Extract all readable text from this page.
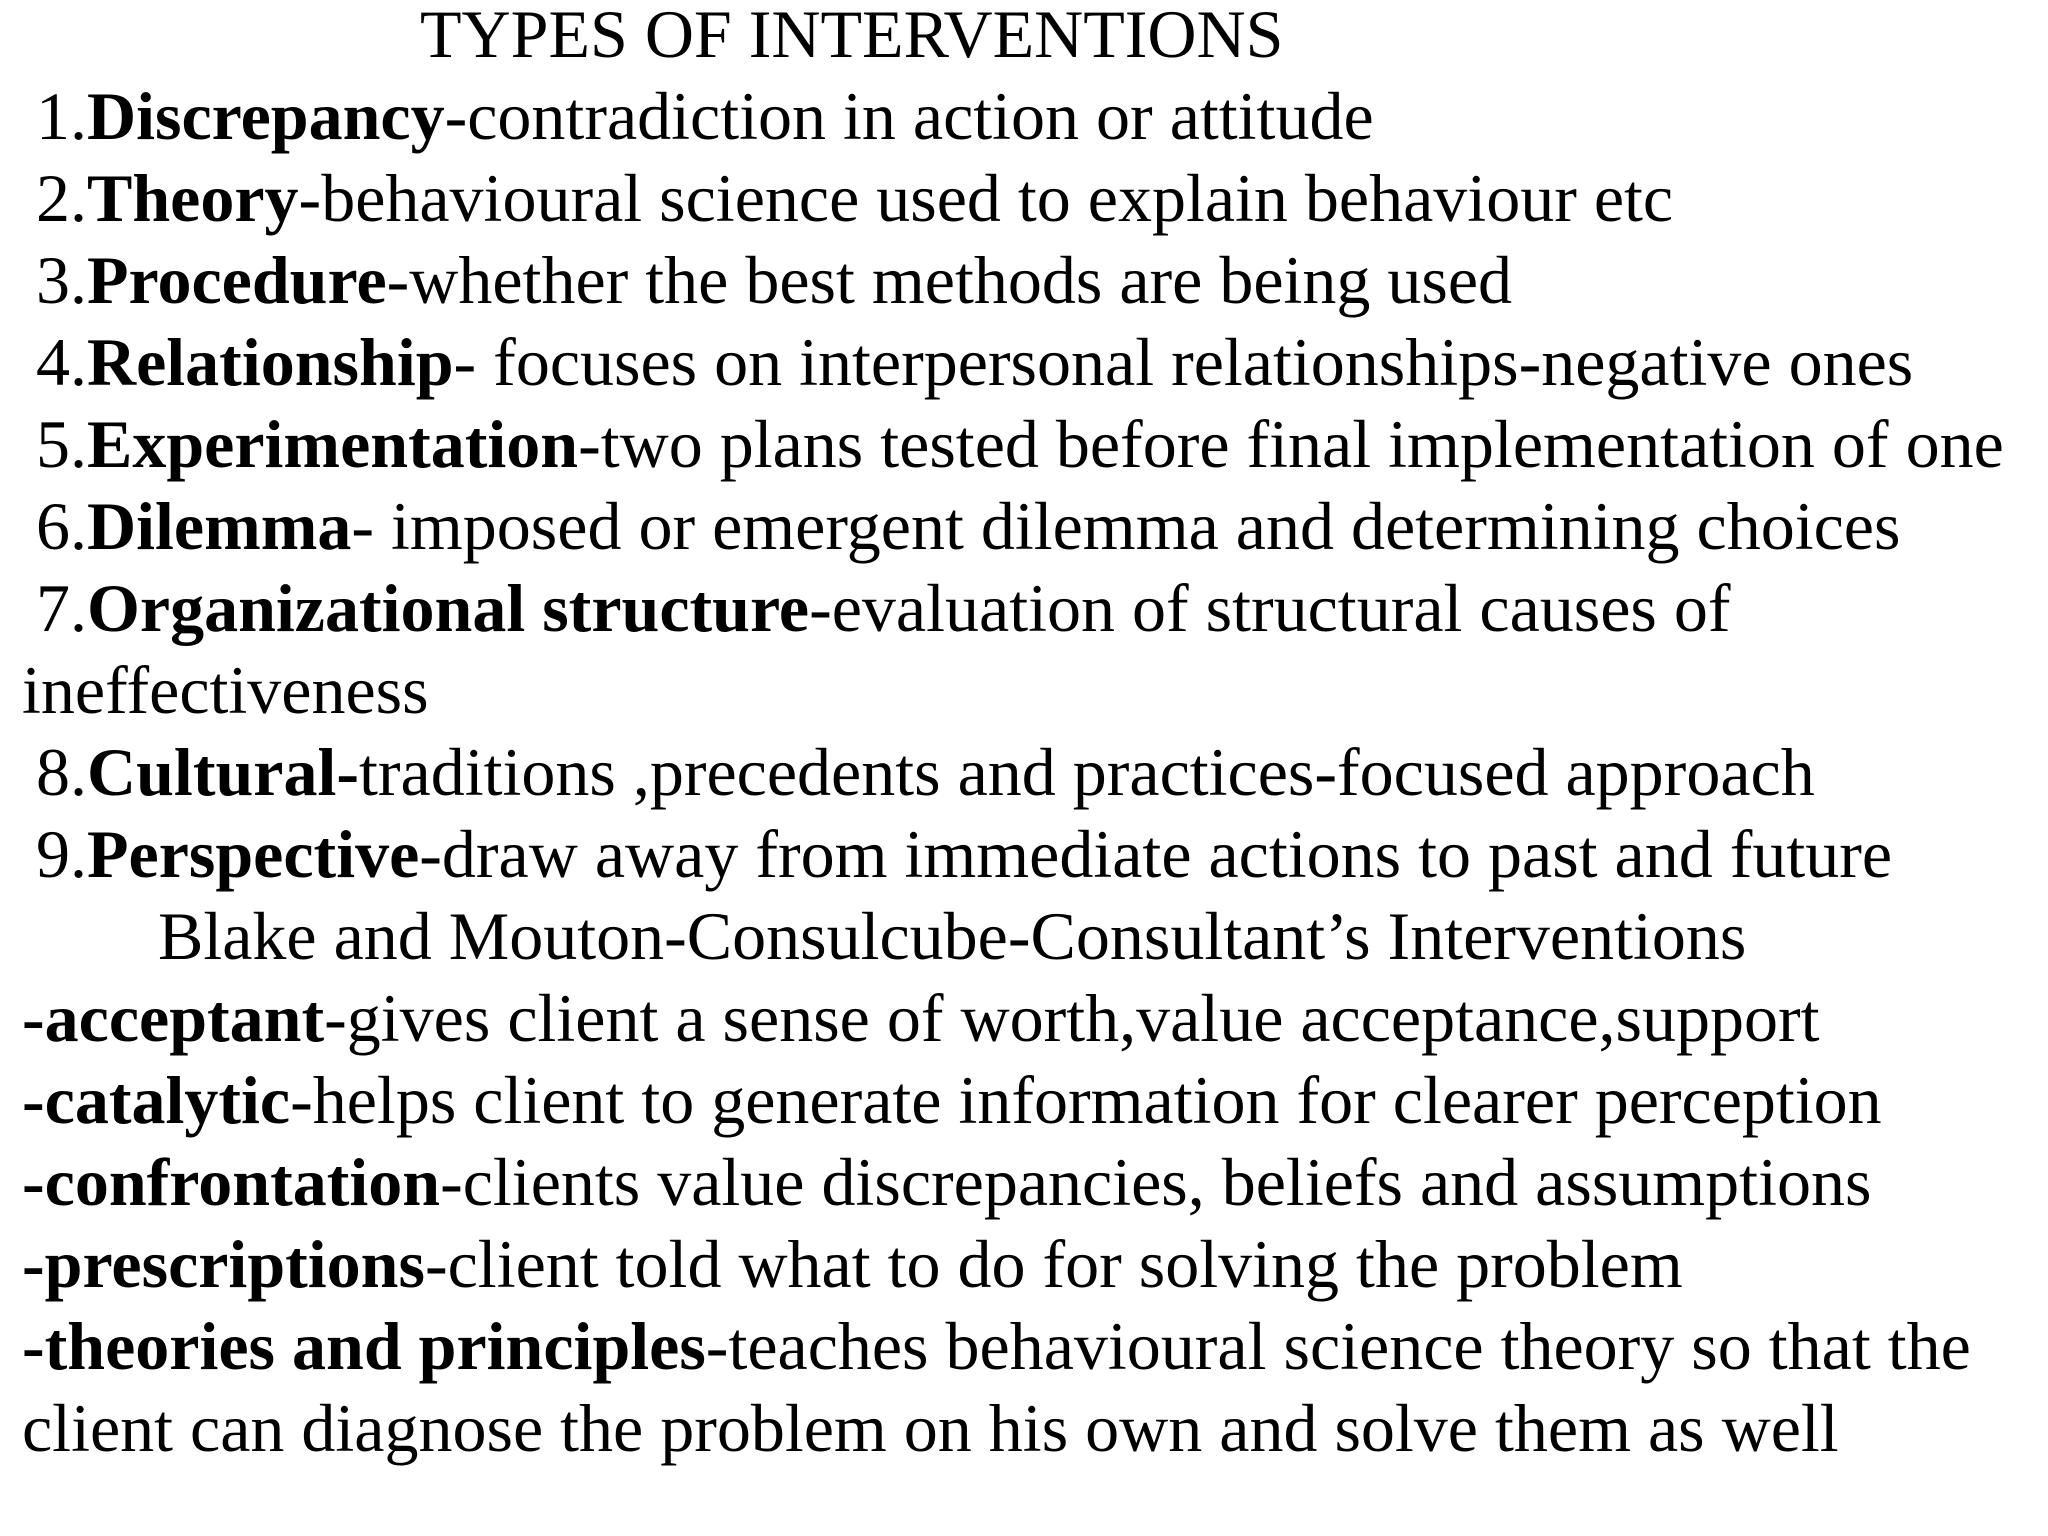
TYPES OF INTERVENTIONS
1.Discrepancy-contradiction in action or attitude
2.Theory-behavioural science used to explain behaviour etc
3.Procedure-whether the best methods are being used
4.Relationship- focuses on interpersonal relationships-negative ones
5.Experimentation-two plans tested before final implementation of one
6.Dilemma- imposed or emergent dilemma and determining choices
7.Organizational structure-evaluation of structural causes of
ineffectiveness
8.Cultural-traditions ,precedents and practices-focused approach
9.Perspective-draw away from immediate actions to past and future
Blake and Mouton-Consulcube-Consultant’s Interventions
-acceptant-gives client a sense of worth,value acceptance,support
-catalytic-helps client to generate information for clearer perception
-confrontation-clients value discrepancies, beliefs and assumptions
-prescriptions-client told what to do for solving the problem
-theories and principles-teaches behavioural science theory so that the
client can diagnose the problem on his own and solve them as well
